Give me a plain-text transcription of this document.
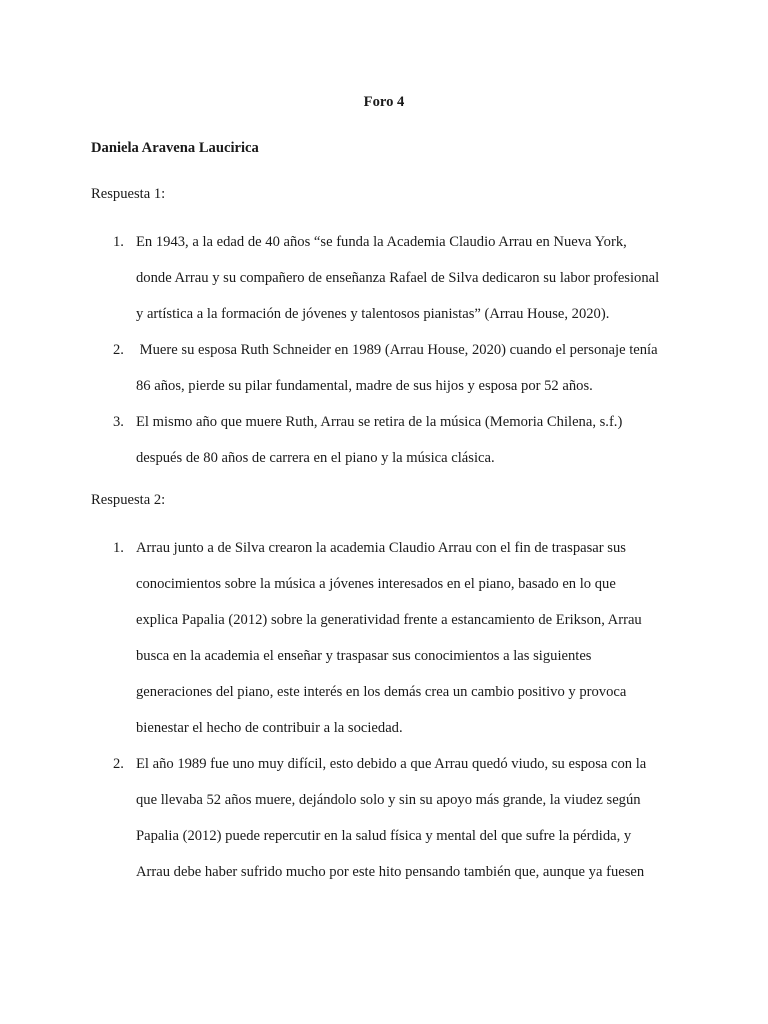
Foro 4
Daniela Aravena Laucirica
Respuesta 1:
1. En 1943, a la edad de 40 años “se funda la Academia Claudio Arrau en Nueva York,
donde Arrau y su compañero de enseñanza Rafael de Silva dedicaron su labor profesional
y artística a la formación de jóvenes y talentosos pianistas” (Arrau House, 2020).
2. Muere su esposa Ruth Schneider en 1989 (Arrau House, 2020) cuando el personaje tenía
86 años, pierde su pilar fundamental, madre de sus hijos y esposa por 52 años.
3. El mismo año que muere Ruth, Arrau se retira de la música (Memoria Chilena, s.f.)
después de 80 años de carrera en el piano y la música clásica.
Respuesta 2:
1. Arrau junto a de Silva crearon la academia Claudio Arrau con el fin de traspasar sus
conocimientos sobre la música a jóvenes interesados en el piano, basado en lo que
explica Papalia (2012) sobre la generatividad frente a estancamiento de Erikson, Arrau
busca en la academia el enseñar y traspasar sus conocimientos a las siguientes
generaciones del piano, este interés en los demás crea un cambio positivo y provoca
bienestar el hecho de contribuir a la sociedad.
2. El año 1989 fue uno muy difícil, esto debido a que Arrau quedó viudo, su esposa con la
que llevaba 52 años muere, dejándolo solo y sin su apoyo más grande, la viudez según
Papalia (2012) puede repercutir en la salud física y mental del que sufre la pérdida, y
Arrau debe haber sufrido mucho por este hito pensando también que, aunque ya fuesen
